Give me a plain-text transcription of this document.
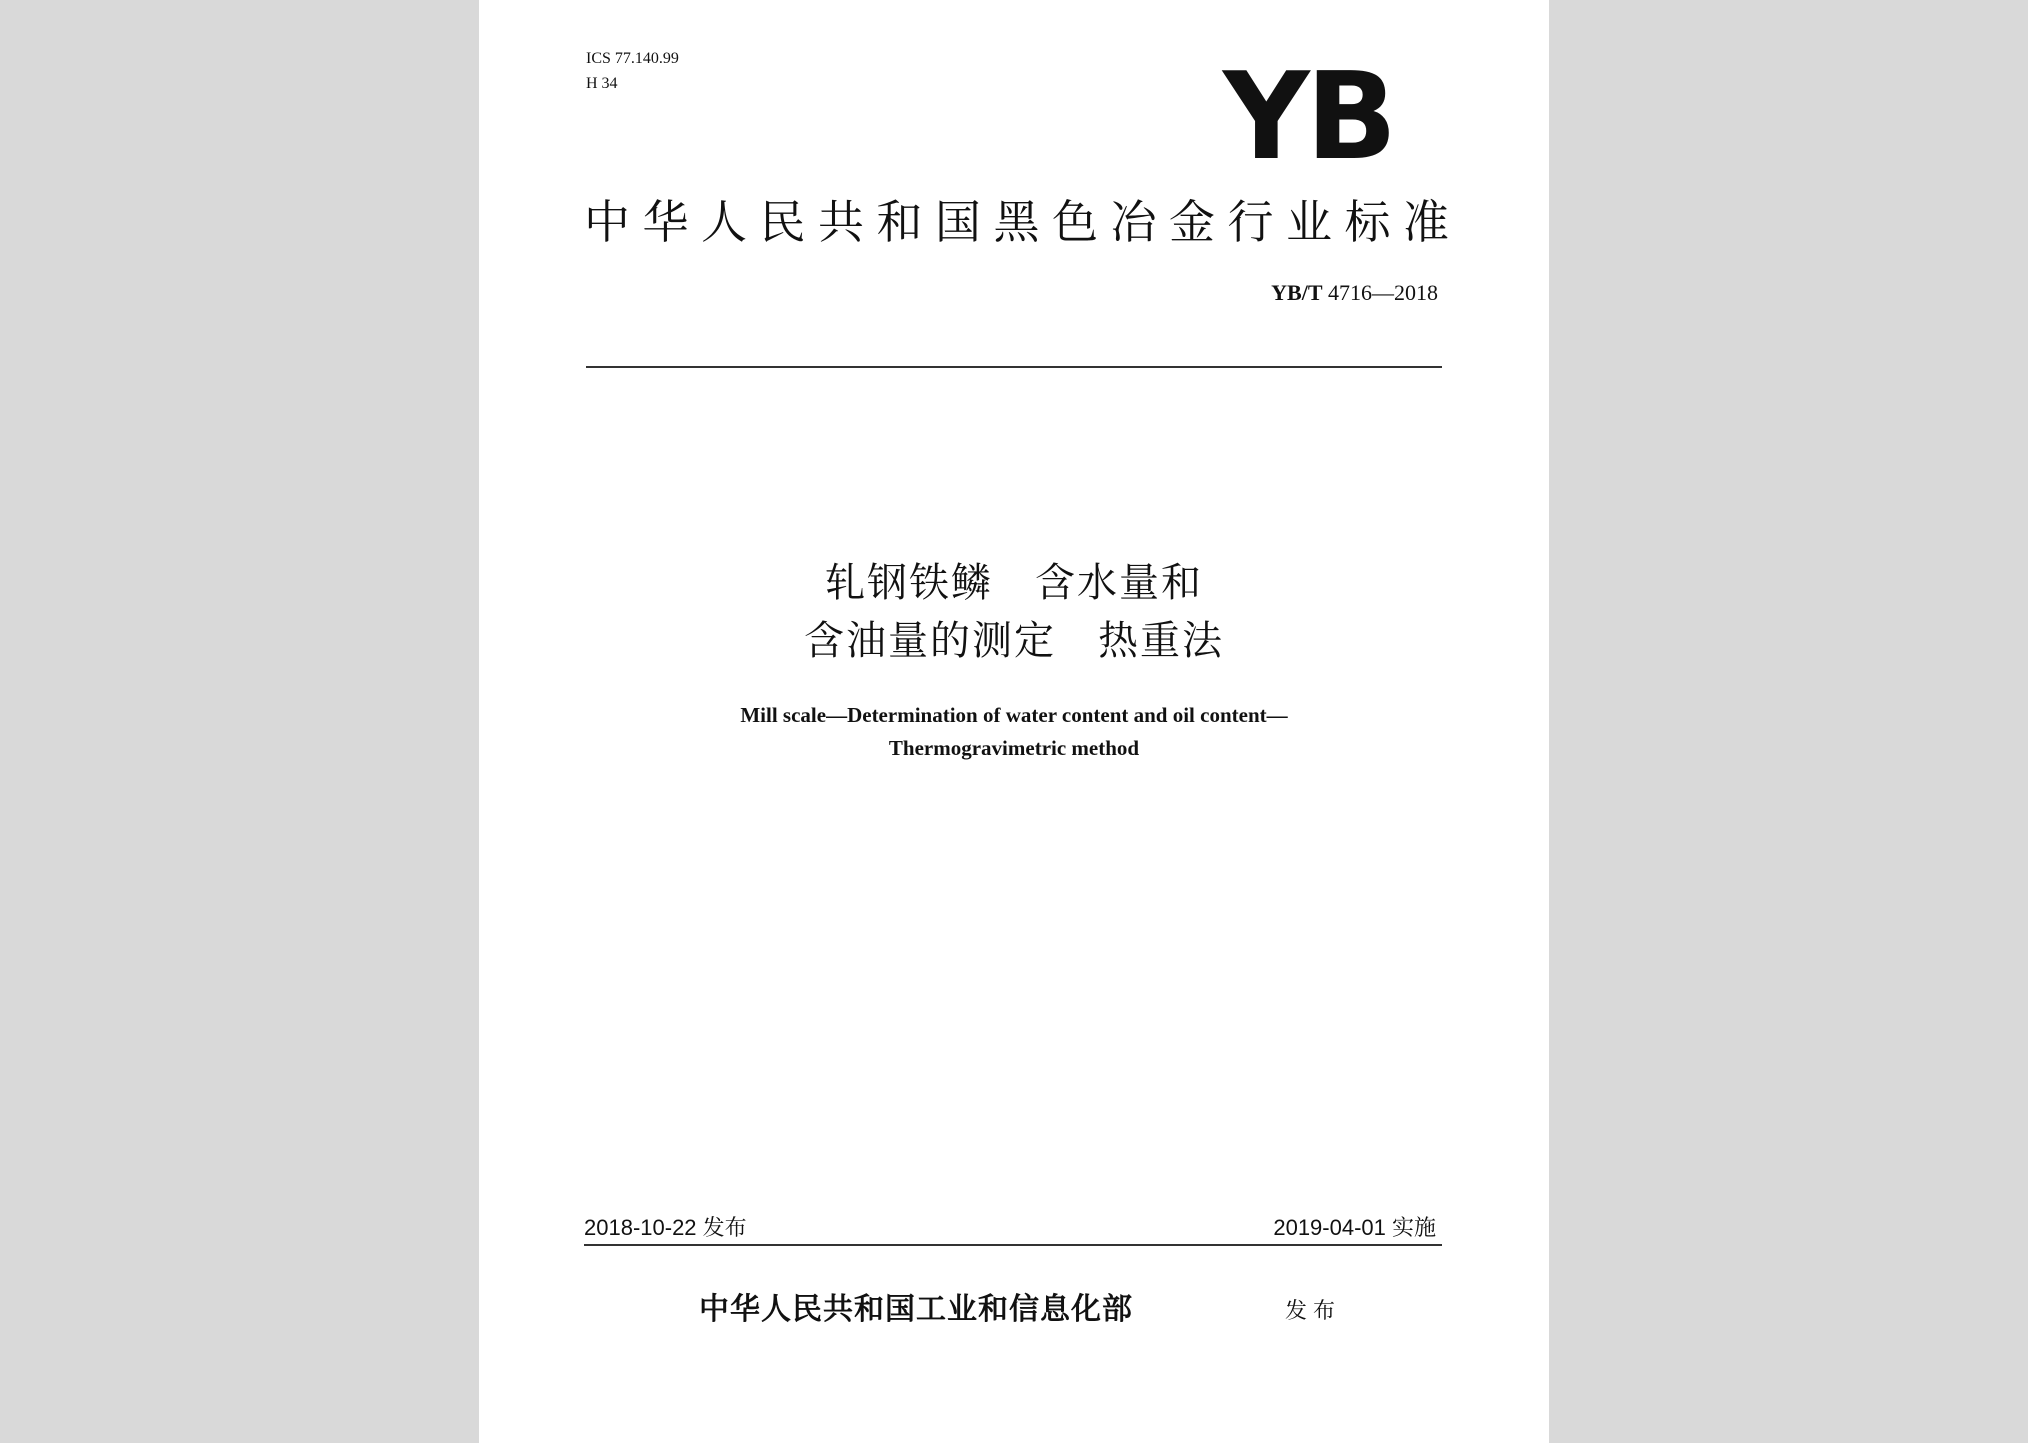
ICS 77.140.99
H 34	YB
中华人民共和国黑色冶金行业标准
YB/T 4716—2018
轧钢铁鳞　含水量和
含油量的测定　热重法
Mill scale—Determination of water content and oil content—
Thermogravimetric method
2018-10-22 发布	2019-04-01 实施
中华人民共和国工业和信息化部	发布
